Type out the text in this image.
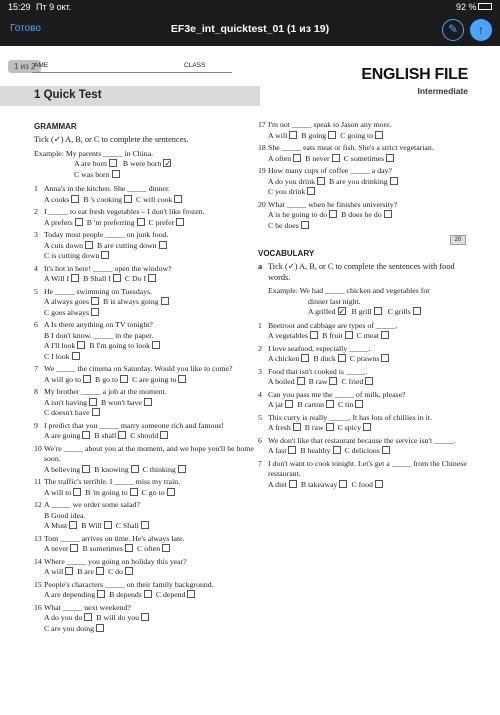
15:29 Пт 9 окт.	92 %
Готово	EF3e_int_quicktest_01 (1 из 19)	✎	↑
1 из 2
AME	CLASS
ENGLISH FILE
Intermediate
1 Quick Test
GRAMMAR
Tick (✓) A, B, or C to complete the sentences.
Example: My parents _____ in China.
A are born B were born ✓
C was born
1 Anna's in the kitchen. She _____ dinner.
A cooks B 's cooking C will cook
2 I _____ to eat fresh vegetables – I don't like frozen.
A prefers B 'm preferring C prefer
3 Today most people _____ on junk food.
A cuts down B are cutting down
C is cutting down
4 It's hot in here! _____ open the window?
A Will I B Shall I C Do I
5 He _____ swimming on Tuesdays.
A always goes B is always going
C goes always
6 A Is there anything on TV tonight?
B I don't know. _____ in the paper.
A I'll look B I'm going to look
C I look
7 We _____ the cinema on Saturday. Would you like to come?
A will go to B go to C are going to
8 My brother _____ a job at the moment.
A isn't having B won't have
C doesn't have
9 I predict that you _____ marry someone rich and famous!
A are going B shall C should
10 We're _____ about you at the moment, and we hope you'll be home soon.
A believing B knowing C thinking
11 The traffic's terrible. I _____ miss my train.
A will to B 'm going to C go to
12 A _____ we order some salad?
B Good idea.
A Must B Will C Shall
13 Tom _____ arrives on time. He's always late.
A never B sometimes C often
14 Where _____ you going on holiday this year?
A will B are C do
15 People's characters _____ on their family background.
A are depending B depends C depend
16 What _____ next weekend?
A do you do B will do you
C are you doing
17 I'm not _____ speak to Jason any more.
A will B going C going to
18 She _____ eats meat or fish. She's a strict vegetarian.
A often B never C sometimes
19 How many cups of coffee _____ a day?
A do you drink B are you drinking
C you drink
20 What _____ when he finishes university?
A is he going to do B does he do
C he does
20
VOCABULARY
a Tick (✓) A, B, or C to complete the sentences with food words.
Example: We had _____ chicken and vegetables for
dinner last night.
A grilled ✓ B grill C grills
1 Beetroot and cabbage are types of _____.
A vegetables B fruit C meat
2 I love seafood, especially _____.
A chicken B duck C prawns
3 Food that isn't cooked is _____.
A boiled B raw C fried
4 Can you pass me the _____ of milk, please?
A jar B carton C tin
5 This curry is really _____. It has lots of chillies in it.
A fresh B raw C spicy
6 We don't like that restaurant because the service isn't _____.
A fast B healthy C delicious
7 I don't want to cook tonight. Let's get a _____ from the Chinese restaurant.
A diet B takeaway C food
